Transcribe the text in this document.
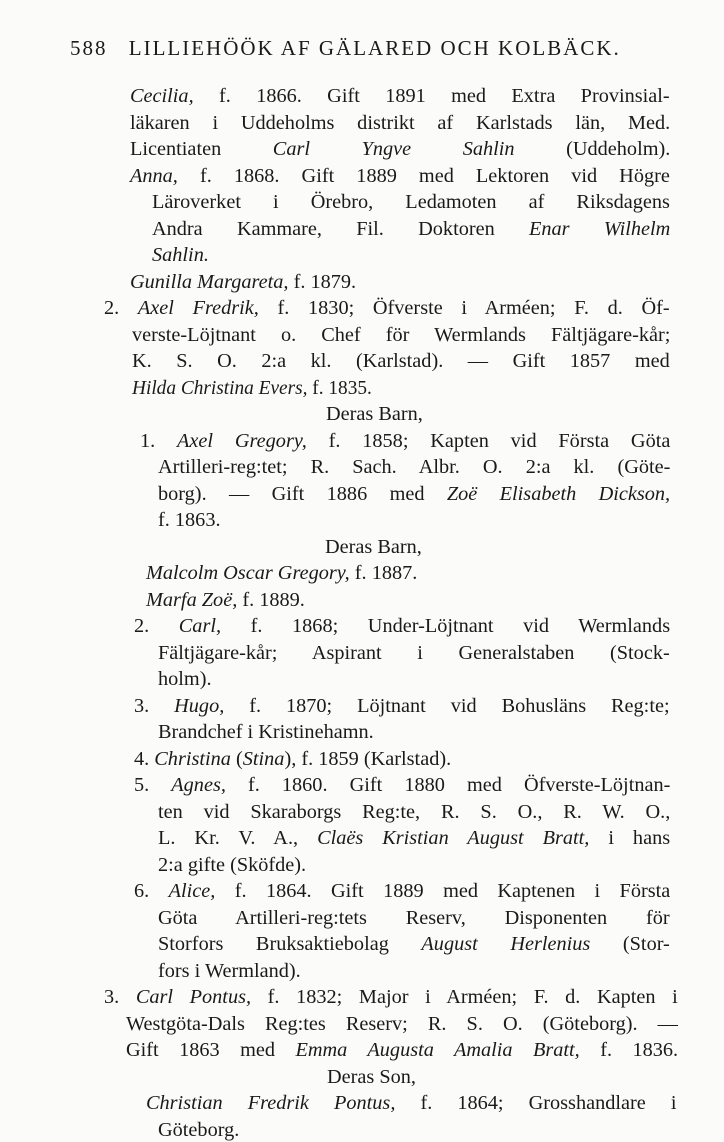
588 LILLIEHÖÖK AF GÄLARED OCH KOLBÄCK.
Cecilia, f. 1866. Gift 1891 med Extra Provinsial-
läkaren i Uddeholms distrikt af Karlstads län, Med.
Licentiaten Carl Yngve Sahlin (Uddeholm).
Anna, f. 1868. Gift 1889 med Lektoren vid Högre
Läroverket i Örebro, Ledamoten af Riksdagens
Andra Kammare, Fil. Doktoren Enar Wilhelm
Sahlin.
Gunilla Margareta, f. 1879.
2. Axel Fredrik, f. 1830; Öfverste i Arméen; F. d. Öf-
verste-Löjtnant o. Chef för Wermlands Fältjägare-kår;
K. S. O. 2:a kl. (Karlstad). — Gift 1857 med
Hilda Christina Evers, f. 1835.
Deras Barn,
1. Axel Gregory, f. 1858; Kapten vid Första Göta
Artilleri-reg:tet; R. Sach. Albr. O. 2:a kl. (Göte-
borg). — Gift 1886 med Zoë Elisabeth Dickson,
f. 1863.
Deras Barn,
Malcolm Oscar Gregory, f. 1887.
Marfa Zoë, f. 1889.
2. Carl, f. 1868; Under-Löjtnant vid Wermlands
Fältjägare-kår; Aspirant i Generalstaben (Stock-
holm).
3. Hugo, f. 1870; Löjtnant vid Bohusläns Reg:te;
Brandchef i Kristinehamn.
4. Christina (Stina), f. 1859 (Karlstad).
5. Agnes, f. 1860. Gift 1880 med Öfverste-Löjtnan-
ten vid Skaraborgs Reg:te, R. S. O., R. W. O.,
L. Kr. V. A., Claës Kristian August Bratt, i hans
2:a gifte (Sköfde).
6. Alice, f. 1864. Gift 1889 med Kaptenen i Första
Göta Artilleri-reg:tets Reserv, Disponenten för
Storfors Bruksaktiebolag August Herlenius (Stor-
fors i Wermland).
3. Carl Pontus, f. 1832; Major i Arméen; F. d. Kapten i
Westgöta-Dals Reg:tes Reserv; R. S. O. (Göteborg). —
Gift 1863 med Emma Augusta Amalia Bratt, f. 1836.
Deras Son,
Christian Fredrik Pontus, f. 1864; Grosshandlare i
Göteborg.
